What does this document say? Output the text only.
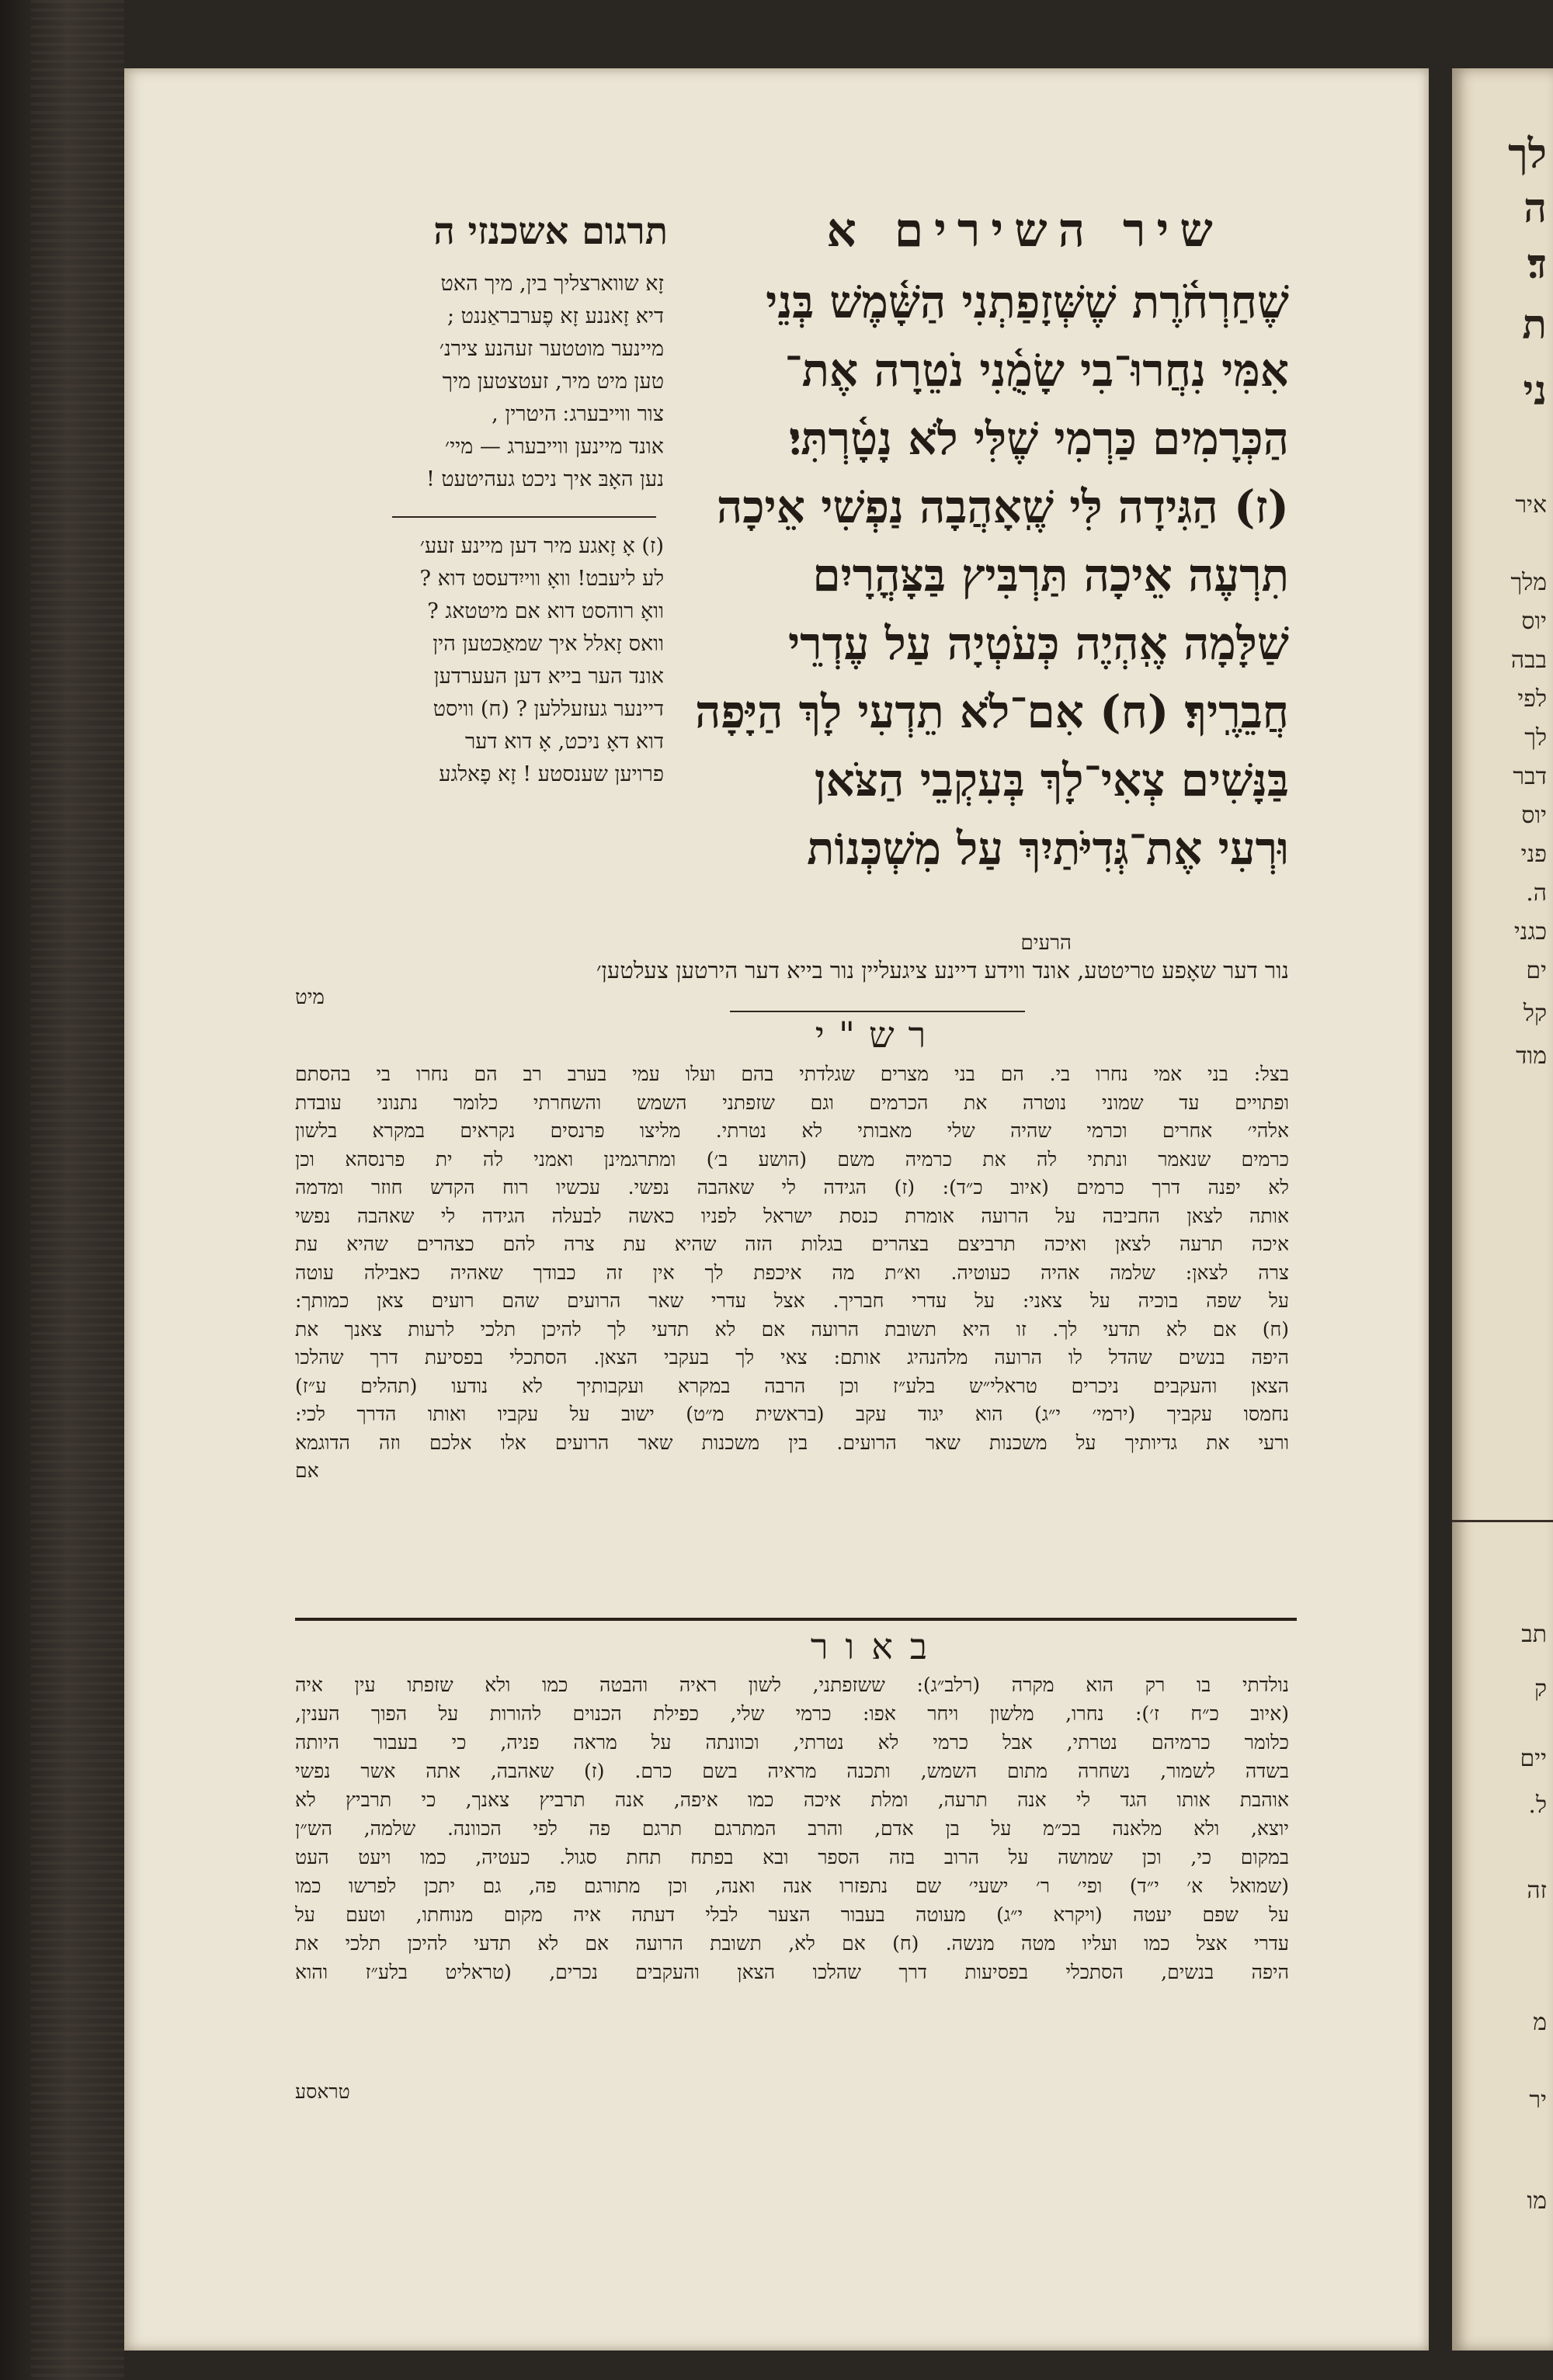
לך
ה
ד׃
ת
ני
איר
מלך
יוס
בבה
לפי
לך
דבר
יוס
פני
ה.
כגני
ים
קל
מוד
תב
ק
יים
ל.
זה
מ
יר
מו
שיר השירים א
תרגום אשכנזי ה

זָא שווארצליך בין, מיך האט

דיא זָאננע זָא פֶערבראַננט ;

מיינער מוטטער זעהנע צירנ׳

טען מיט מיר, זעטצטען מיך

צור ווייבערג ׃ היטרין ,

אונד מיינען ווייבערג — מיי׳

נען האָבּ איך ניכט געהיטעט !

(ז) אָ זָאגע מיר דען מיינע זעע׳

לע ליעבט! וואָ ווייִדעסט דוא ?

וואָ רוהסט דוא אם מיטטאג ?

וואס זָאלל איך שמאַכטען הין

אונד הער בייא דען העערדען

דיינער געזעללען ? (ח) וויסט

דוא דאָ ניכט, אָ דוא דער

פרויען שענסטע ! זָא פָאלגע

שֶׁחַרְחֹ֫רֶת שֶׁשְּׁזָפַתְנִי הַשָּׁ֫מֶשׁ בְּנֵי
אִמִּי נִחֲרוּ־בִי שָׂמֻ֫נִי נֹטֵרָה אֶת־
הַכְּרָמִים כַּרְמִי שֶׁלִּי לֹא נָטָ֫רְתִּי׃
(ז) הַגִּידָה לִּי שֶֽׁאָהֲבָה נַפְשִׁי אֵיכָה
תִרְעֶה אֵיכָה תַּרְבִּיץ בַּצָּהֳרָיִם
שַׁלָּמָה אֶֽהְיֶה כְּעֹטְיָה עַל עֶדְרֵי
חֲבֵרֶֽיךָ׃ (ח) אִם־לֹא תֵדְעִי לָךְ הַיָּפָה
בַּנָּשִׁים צְאִי־לָךְ בְּעִקְבֵי הַצֹּאן
וּרְעִי אֶת־גְּדִיֹּתַיִךְ עַל מִשְׁכְּנוֹת
הרעים
נור דער שאָפע טריטטע, אונד ווידע דיינע ציגעליין נור בייא דער הירטען צעלטען׳
מיט
רש"י

בצל: בני אמי נחרו בי. הם בני מצרים שגלדתי בהם ועלו עמי בערב רב הם נחרו בי בהסתם

ופתויים עד שמוני נוטרה את הכרמים וגם שזפתני השמש והשחרתי כלומר נתנוני עובדת

אלהי׳ אחרים וכרמי שהיה שלי מאבותי לא נטרתי. מליצו פרנסים נקראים במקרא בלשון

כרמים שנאמר ונתתי לה את כרמיה משם (הושע ב׳) ומתרגמינן ואמני לה ית פרנסהא וכן

לא יפנה דרך כרמים (איוב כ״ד): (ז) הגידה לי שאהבה נפשי. עכשיו רוח הקדש חוזר ומדמה

אותה לצאן החביבה על הרועה אומרת כנסת ישראל לפניו כאשה לבעלה הגידה לי שאהבה נפשי

איכה תרעה לצאן ואיכה תרביצם בצהרים בגלות הזה שהיא עת צרה להם כצהרים שהיא עת

צרה לצאן: שלמה אהיה כעוטיה. וא״ת מה איכפת לך אין זה כבודך שאהיה כאבילה עוטה

על שפה בוכיה על צאני: על עדרי חבריך. אצל עדרי שאר הרועים שהם רועים צאן כמותך:

(ח) אם לא תדעי לך. זו היא תשובת הרועה אם לא תדעי לך להיכן תלכי לרעות צאנך את

היפה בנשים שהדל לו הרועה מלהנהיג אותם: צאי לך בעקבי הצאן. הסתכלי בפסיעת דרך שהלכו

הצאן והעקבים ניכרים טראלי״ש בלע״ז וכן הרבה במקרא ועקבותיך לא נודעו (תהלים ע״ז)

נחמסו עקביך (ירמי׳ י״ג) הוא יגוד עקב (בראשית מ״ט) ישוב על עקביו ואותו הדרך לכי:

ורעי את גדיותיך על משכנות שאר הרועים. בין משכנות שאר הרועים אלו אלכם וזה הדוגמא

אם

באור

נולדתי בו רק הוא מקרה (רלב״ג): ששזפתני, לשון ראיה והבטה כמו ולא שזפתו עין איה

(איוב כ״ח ז׳): נחרו, מלשון ויחר אפו: כרמי שלי, כפילת הכנוים להורות על הפוך הענין,

כלומר כרמיהם נטרתי, אבל כרמי לא נטרתי, וכוונתה על מראה פניה, כי בעבור היותה

בשדה לשמור, נשחרה מתום השמש, ותכנה מראיה בשם כרם. (ז) שאהבה, אתה אשר נפשי

אוהבת אותו הגד לי אנה תרעה, ומלת איכה כמו איפה, אנה תרביץ צאנך, כי תרביץ לא

יוצא, ולא מלאנה בכ״מ על בן אדם, והרב המתרגם תרגם פה לפי הכוונה. שלמה, הש״ן

במקום כי, וכן שמושה על הרוב בזה הספר ובא בפתח תחת סגול. כעטיה, כמו ויעט העט

(שמואל א׳ י״ד) ופי׳ ר׳ ישעי׳ שם נתפזרו אנה ואנה, וכן מתורגם פה, גם יתכן לפרשו כמו

על שפם יעטה (ויקרא י״ג) מעוטה בעבור הצער לבלי דעתה איה מקום מנוחתו, וטעם על

עדרי אצל כמו ועליו מטה מנשה. (ח) אם לא, תשובת הרועה אם לא תדעי להיכן תלכי את

היפה בנשים, הסתכלי בפסיעות דרך שהלכו הצאן והעקבים נכרים, (טראליט בלע״ז והוא

טראסע
